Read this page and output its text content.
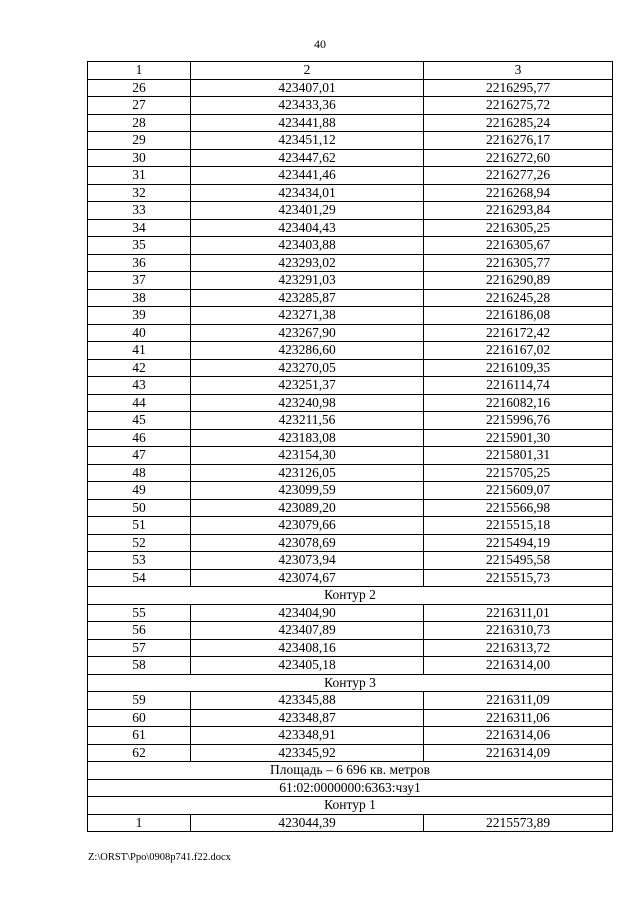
40
1	2	3
26	423407,01	2216295,77
27	423433,36	2216275,72
28	423441,88	2216285,24
29	423451,12	2216276,17
30	423447,62	2216272,60
31	423441,46	2216277,26
32	423434,01	2216268,94
33	423401,29	2216293,84
34	423404,43	2216305,25
35	423403,88	2216305,67
36	423293,02	2216305,77
37	423291,03	2216290,89
38	423285,87	2216245,28
39	423271,38	2216186,08
40	423267,90	2216172,42
41	423286,60	2216167,02
42	423270,05	2216109,35
43	423251,37	2216114,74
44	423240,98	2216082,16
45	423211,56	2215996,76
46	423183,08	2215901,30
47	423154,30	2215801,31
48	423126,05	2215705,25
49	423099,59	2215609,07
50	423089,20	2215566,98
51	423079,66	2215515,18
52	423078,69	2215494,19
53	423073,94	2215495,58
54	423074,67	2215515,73
Контур 2		
55	423404,90	2216311,01
56	423407,89	2216310,73
57	423408,16	2216313,72
58	423405,18	2216314,00
Контур 3		
59	423345,88	2216311,09
60	423348,87	2216311,06
61	423348,91	2216314,06
62	423345,92	2216314,09
Площадь – 6 696 кв. метров		
61:02:0000000:6363:чзу1		
Контур 1		
1	423044,39	2215573,89
Z:\ORST\Ppo\0908p741.f22.docx
